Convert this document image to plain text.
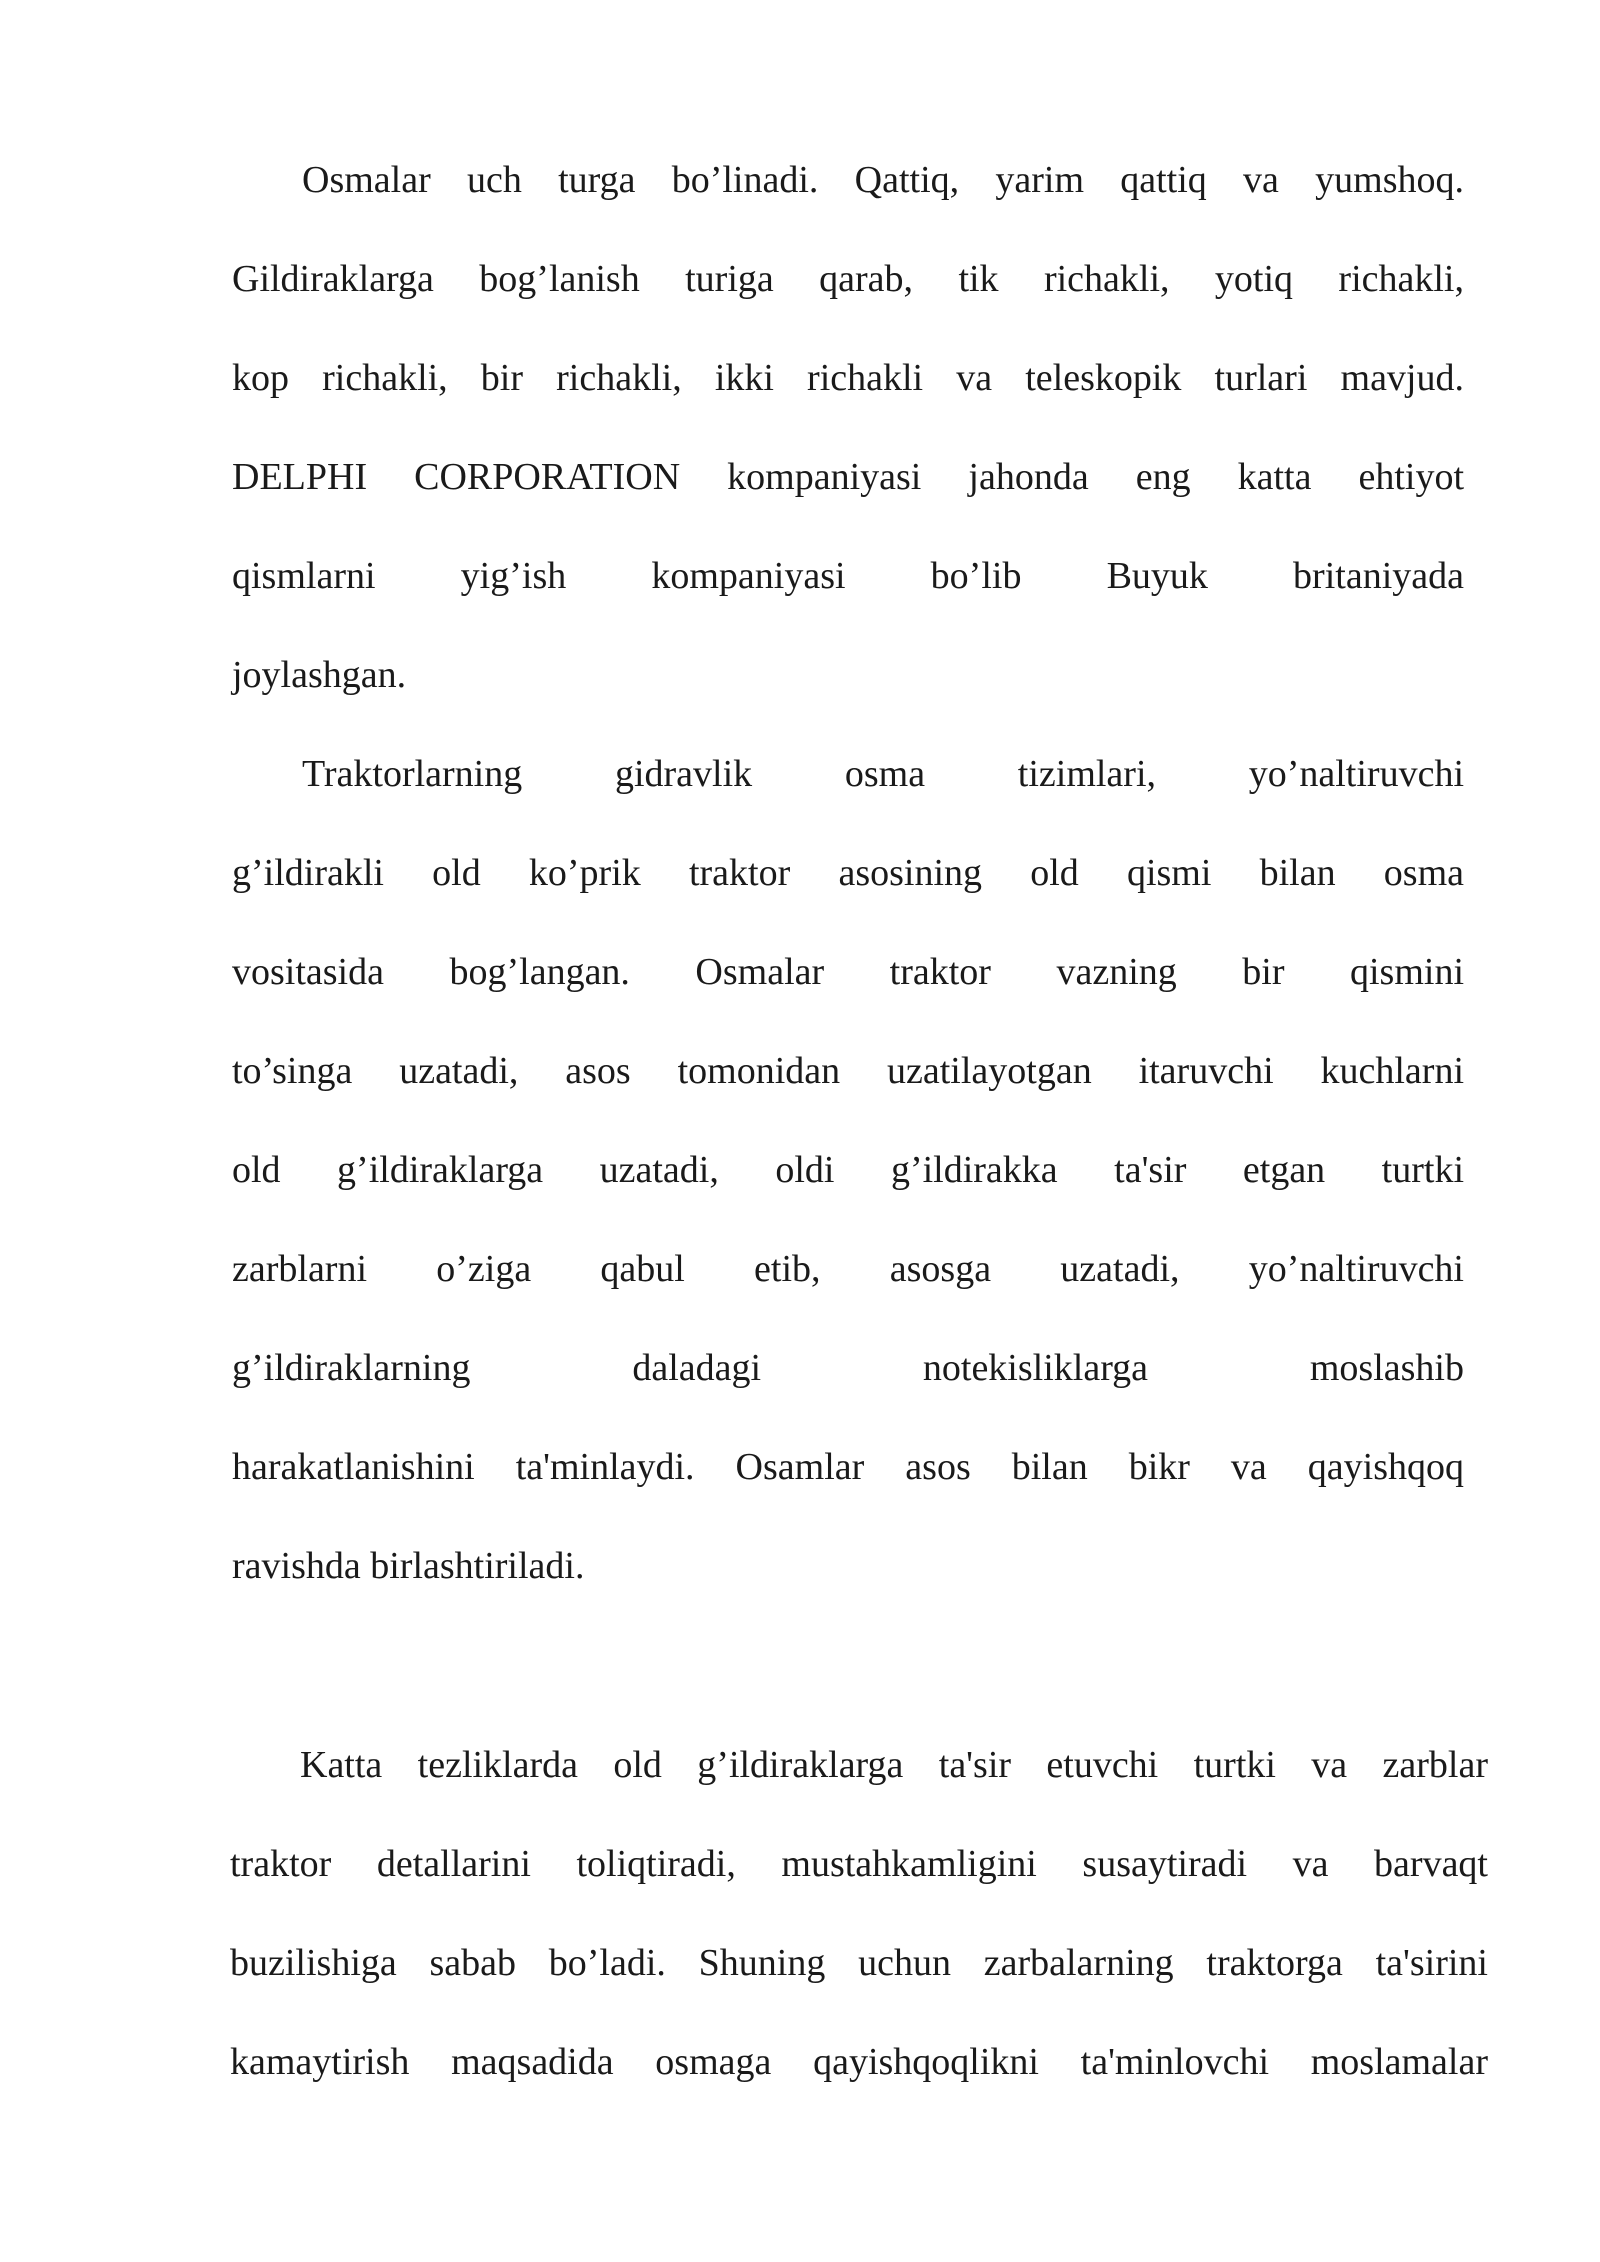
Osmalar uch turga bo’linadi. Qattiq, yarim qattiq va yumshoq.
Gildiraklarga bog’lanish turiga qarab, tik richakli, yotiq richakli,
kop richakli, bir richakli, ikki richakli va teleskopik turlari mavjud.
DELPHI CORPORATION kompaniyasi jahonda eng katta ehtiyot
qismlarni yig’ish kompaniyasi bo’lib Buyuk britaniyada
joylashgan.
Traktorlarning gidravlik osma tizimlari, yo’naltiruvchi
g’ildirakli old ko’prik traktor asosining old qismi bilan osma
vositasida bog’langan. Osmalar traktor vazning bir qismini
to’singa uzatadi, asos tomonidan uzatilayotgan itaruvchi kuchlarni
old g’ildiraklarga uzatadi, oldi g’ildirakka ta'sir etgan turtki
zarblarni o’ziga qabul etib, asosga uzatadi, yo’naltiruvchi
g’ildiraklarning daladagi notekisliklarga moslashib
harakatlanishini ta'minlaydi. Osamlar asos bilan bikr va qayishqoq
ravishda birlashtiriladi.
Katta tezliklarda old g’ildiraklarga ta'sir etuvchi turtki va zarblar
traktor detallarini toliqtiradi, mustahkamligini susaytiradi va barvaqt
buzilishiga sabab bo’ladi. Shuning uchun zarbalarning traktorga ta'sirini
kamaytirish maqsadida osmaga qayishqoqlikni ta'minlovchi moslamalar
